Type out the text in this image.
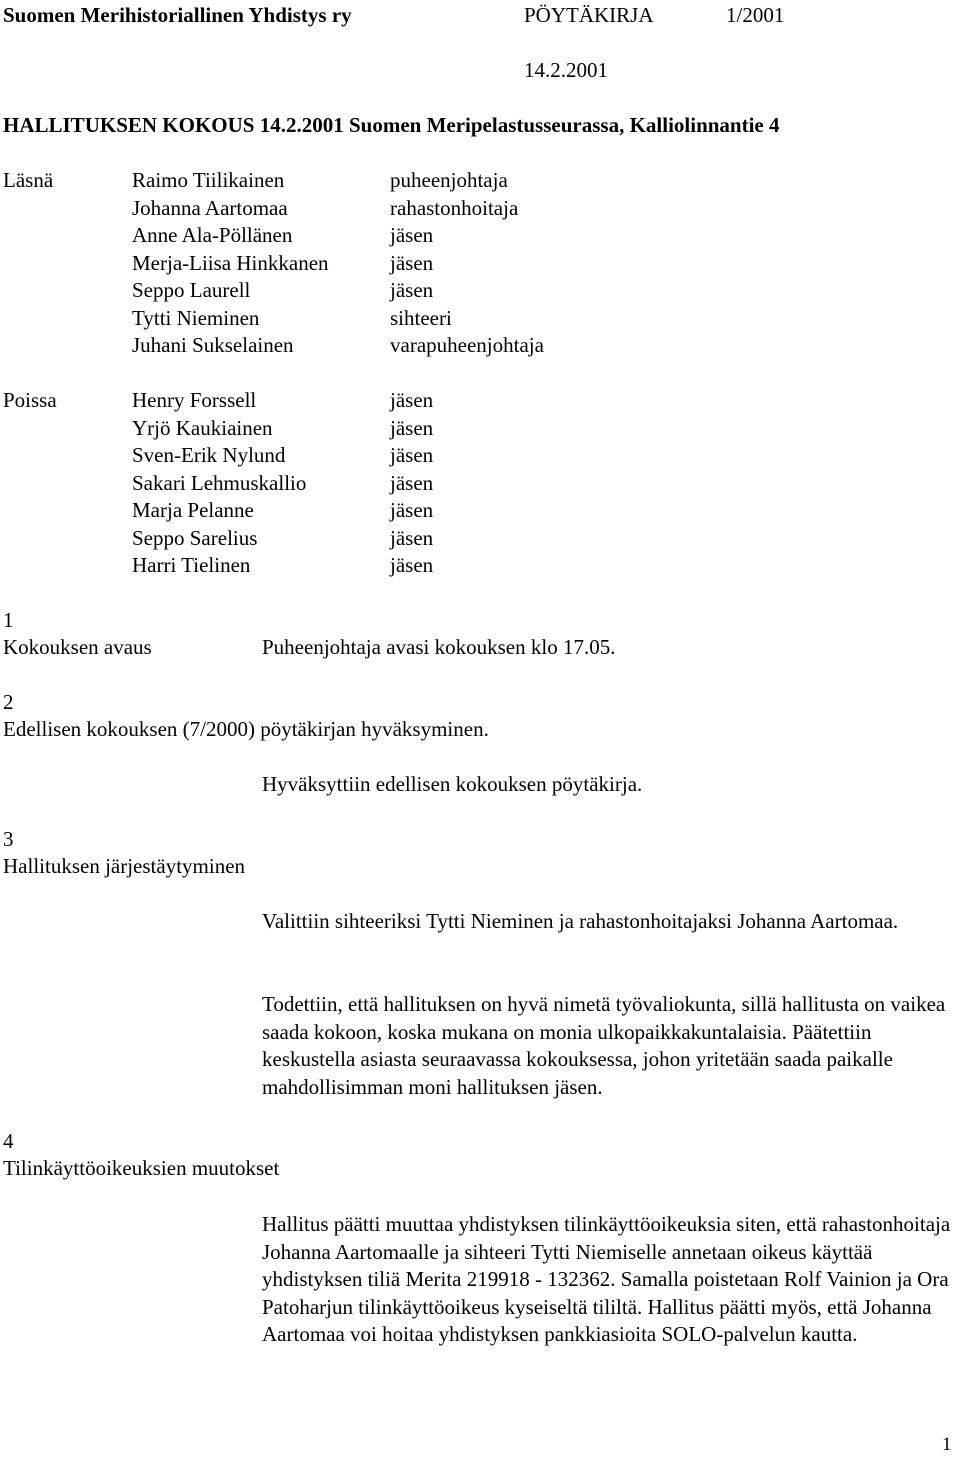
Suomen Merihistoriallinen Yhdistys ry	PÖYTÄKIRJA	1/2001
14.2.2001
HALLITUKSEN KOKOUS 14.2.2001 Suomen Meripelastusseurassa, Kalliolinnantie 4
Läsnä	Raimo Tiilikainen	puheenjohtaja
Johanna Aartomaa	rahastonhoitaja
Anne Ala-Pöllänen	jäsen
Merja-Liisa Hinkkanen	jäsen
Seppo Laurell	jäsen
Tytti Nieminen	sihteeri
Juhani Sukselainen	varapuheenjohtaja
Poissa	Henry Forssell	jäsen
Yrjö Kaukiainen	jäsen
Sven-Erik Nylund	jäsen
Sakari Lehmuskallio	jäsen
Marja Pelanne	jäsen
Seppo Sarelius	jäsen
Harri Tielinen	jäsen
1
Kokouksen avaus	Puheenjohtaja avasi kokouksen klo 17.05.
2
Edellisen kokouksen (7/2000) pöytäkirjan hyväksyminen.
Hyväksyttiin edellisen kokouksen pöytäkirja.
3
Hallituksen järjestäytyminen
Valittiin sihteeriksi Tytti Nieminen ja rahastonhoitajaksi Johanna Aartomaa.
Todettiin, että hallituksen on hyvä nimetä työvaliokunta, sillä hallitusta on vaikea saada kokoon, koska mukana on monia ulkopaikkakuntalaisia. Päätettiin keskustella asiasta seuraavassa kokouksessa, johon yritetään saada paikalle mahdollisimman moni hallituksen jäsen.
4
Tilinkäyttöoikeuksien muutokset
Hallitus päätti muuttaa yhdistyksen tilinkäyttöoikeuksia siten, että rahastonhoitaja Johanna Aartomaalle ja sihteeri Tytti Niemiselle annetaan oikeus käyttää yhdistyksen tiliä Merita 219918 - 132362. Samalla poistetaan Rolf Vainion ja Ora Patoharjun tilinkäyttöoikeus kyseiseltä tililtä. Hallitus päätti myös, että Johanna Aartomaa voi hoitaa yhdistyksen pankkiasioita SOLO-palvelun kautta.
1
